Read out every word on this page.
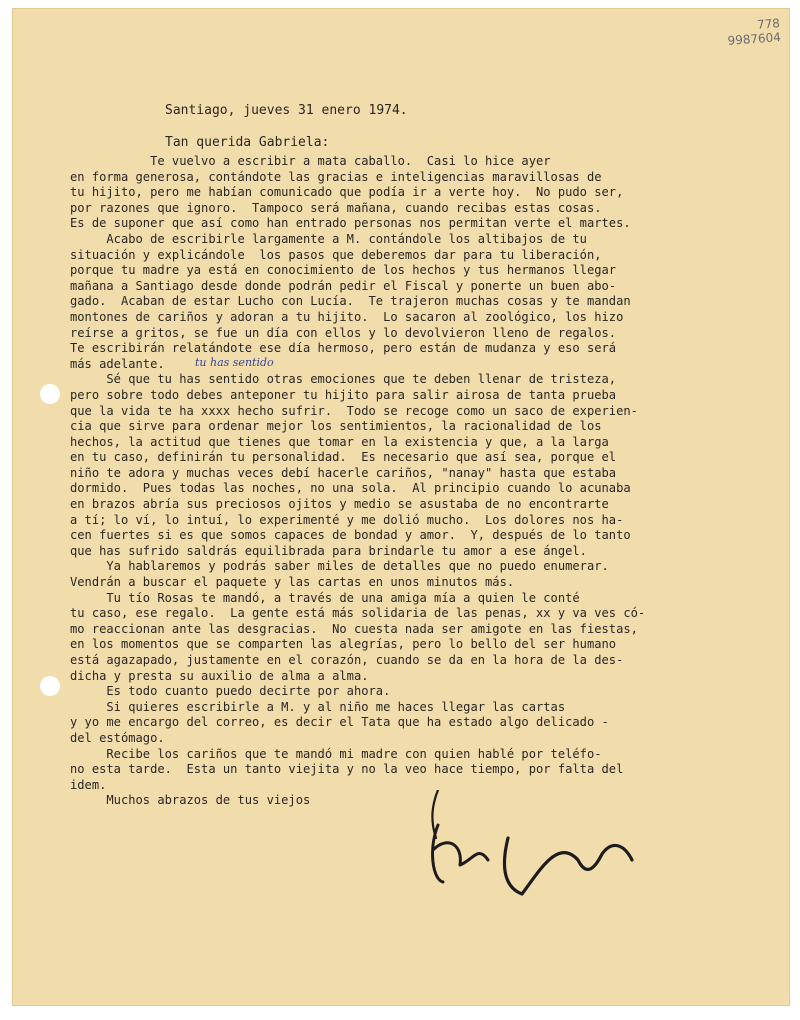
778
9987604
Santiago, jueves 31 enero 1974.
Tan querida Gabriela:

Te vuelvo a escribir a mata caballo.  Casi lo hice ayer

en forma generosa, contándote las gracias e inteligencias maravillosas de

tu hijito, pero me habían comunicado que podía ir a verte hoy.  No pudo ser,

por razones que ignoro.  Tampoco será mañana, cuando recibas estas cosas.

Es de suponer que así como han entrado personas nos permitan verte el martes.

Acabo de escribirle largamente a M. contándole los altibajos de tu

situación y explicándole  los pasos que deberemos dar para tu liberación,

porque tu madre ya está en conocimiento de los hechos y tus hermanos llegar

mañana a Santiago desde donde podrán pedir el Fiscal y ponerte un buen abo-

gado.  Acaban de estar Lucho con Lucía.  Te trajeron muchas cosas y te mandan

montones de cariños y adoran a tu hijito.  Lo sacaron al zoológico, los hizo

reírse a gritos, se fue un día con ellos y lo devolvieron lleno de regalos.

Te escribirán relatándote ese día hermoso, pero están de mudanza y eso será

más adelante.

Sé que tu has sentido otras emociones que te deben llenar de tristeza,

pero sobre todo debes anteponer tu hijito para salir airosa de tanta prueba

que la vida te ha xxxx hecho sufrir.  Todo se recoge como un saco de experien-

cia que sirve para ordenar mejor los sentimientos, la racionalidad de los

hechos, la actitud que tienes que tomar en la existencia y que, a la larga

en tu caso, definirán tu personalidad.  Es necesario que así sea, porque el

niño te adora y muchas veces debí hacerle cariños, "nanay" hasta que estaba

dormido.  Pues todas las noches, no una sola.  Al principio cuando lo acunaba

en brazos abría sus preciosos ojitos y medio se asustaba de no encontrarte

a tí; lo ví, lo intuí, lo experimenté y me dolió mucho.  Los dolores nos ha-

cen fuertes si es que somos capaces de bondad y amor.  Y, después de lo tanto

que has sufrido saldrás equilibrada para brindarle tu amor a ese ángel.

Ya hablaremos y podrás saber miles de detalles que no puedo enumerar.

Vendrán a buscar el paquete y las cartas en unos minutos más.

Tu tío Rosas te mandó, a través de una amiga mía a quien le conté

tu caso, ese regalo.  La gente está más solidaria de las penas, xx y va ves có-

mo reaccionan ante las desgracias.  No cuesta nada ser amigote en las fiestas,

en los momentos que se comparten las alegrías, pero lo bello del ser humano

está agazapado, justamente en el corazón, cuando se da en la hora de la des-

dicha y presta su auxilio de alma a alma.

Es todo cuanto puedo decirte por ahora.

Si quieres escribirle a M. y al niño me haces llegar las cartas

y yo me encargo del correo, es decir el Tata que ha estado algo delicado -

del estómago.

Recibe los cariños que te mandó mi madre con quien hablé por teléfo-

no esta tarde.  Esta un tanto viejita y no la veo hace tiempo, por falta del

idem.

Muchos abrazos de tus viejos

tu has sentido
